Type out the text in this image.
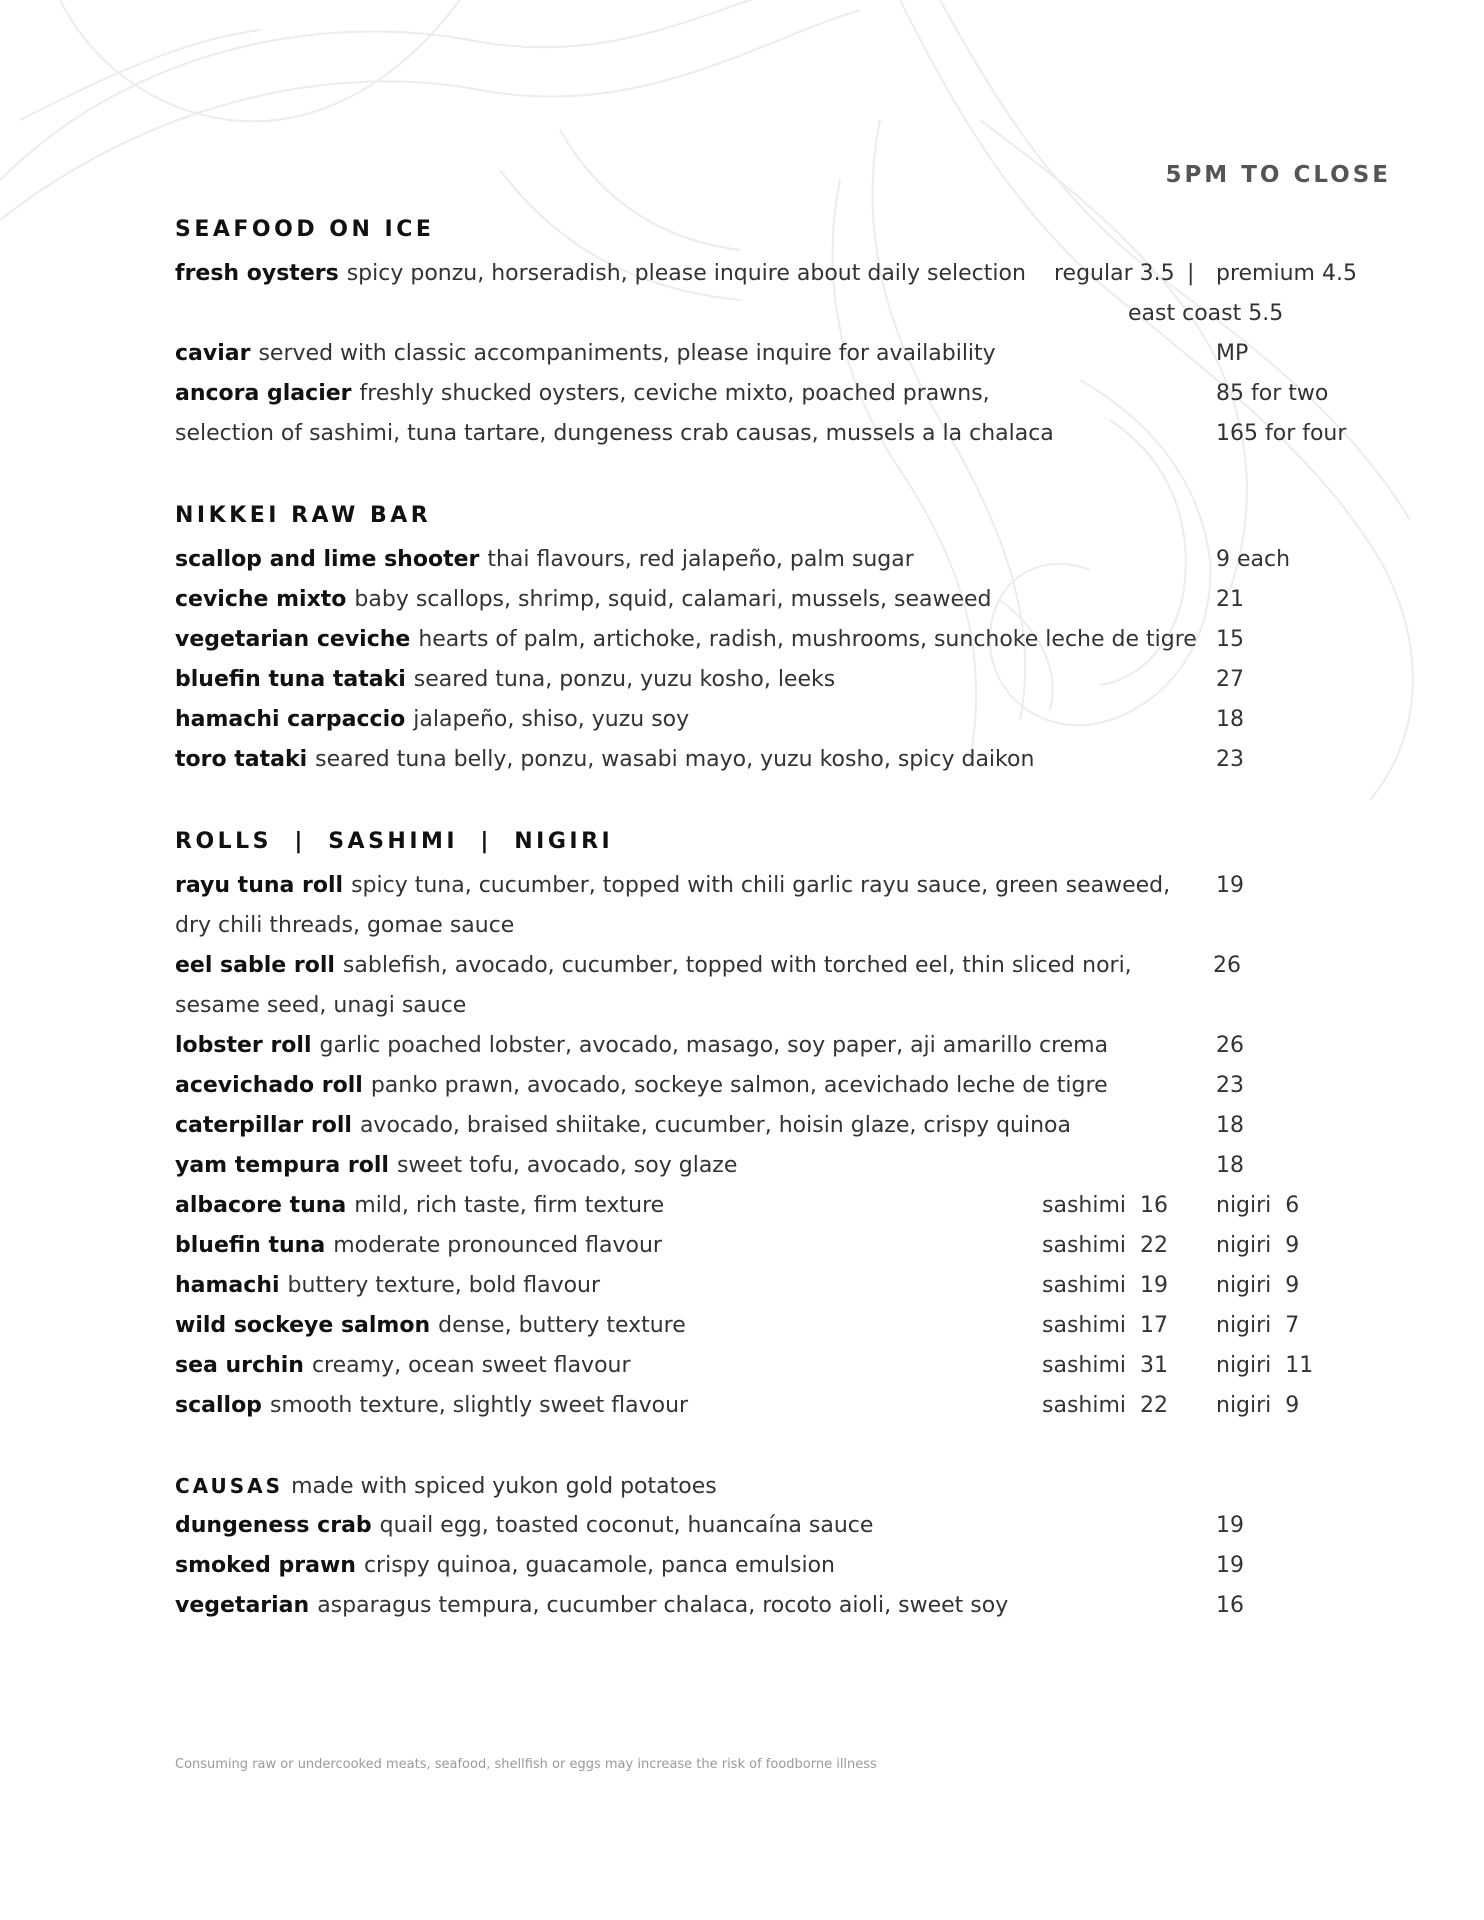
5PM TO CLOSE
SEAFOOD ON ICE
fresh oysters spicy ponzu, horseradish, please inquire about daily selection	regular 3.5 | premium 4.5
east coast 5.5
caviar served with classic accompaniments, please inquire for availability	MP
ancora glacier freshly shucked oysters, ceviche mixto, poached prawns,	85 for two
selection of sashimi, tuna tartare, dungeness crab causas, mussels a la chalaca	165 for four
NIKKEI RAW BAR
scallop and lime shooter thai flavours, red jalapeño, palm sugar	9 each
ceviche mixto baby scallops, shrimp, squid, calamari, mussels, seaweed	21
vegetarian ceviche hearts of palm, artichoke, radish, mushrooms, sunchoke leche de tigre 15
bluefin tuna tataki seared tuna, ponzu, yuzu kosho, leeks	27
hamachi carpaccio jalapeño, shiso, yuzu soy	18
toro tataki seared tuna belly, ponzu, wasabi mayo, yuzu kosho, spicy daikon	23
ROLLS  |  SASHIMI  |  NIGIRI
rayu tuna roll spicy tuna, cucumber, topped with chili garlic rayu sauce, green seaweed,	19
dry chili threads, gomae sauce
eel sable roll sablefish, avocado, cucumber, topped with torched eel, thin sliced nori,	26
sesame seed, unagi sauce
lobster roll garlic poached lobster, avocado, masago, soy paper, aji amarillo crema	26
acevichado roll panko prawn, avocado, sockeye salmon, acevichado leche de tigre	23
caterpillar roll avocado, braised shiitake, cucumber, hoisin glaze, crispy quinoa	18
yam tempura roll sweet tofu, avocado, soy glaze	18
albacore tuna mild, rich taste, firm texture	sashimi  16 nigiri  6
bluefin tuna moderate pronounced flavour	sashimi  22 nigiri  9
hamachi buttery texture, bold flavour	sashimi  19 nigiri  9
wild sockeye salmon dense, buttery texture	sashimi  17 nigiri  7
sea urchin creamy, ocean sweet flavour	sashimi  31 nigiri  11
scallop smooth texture, slightly sweet flavour	sashimi  22 nigiri  9
CAUSAS made with spiced yukon gold potatoes
dungeness crab quail egg, toasted coconut, huancaína sauce	19
smoked prawn crispy quinoa, guacamole, panca emulsion	19
vegetarian asparagus tempura, cucumber chalaca, rocoto aioli, sweet soy	16
Consuming raw or undercooked meats, seafood, shellfish or eggs may increase the risk of foodborne illness
